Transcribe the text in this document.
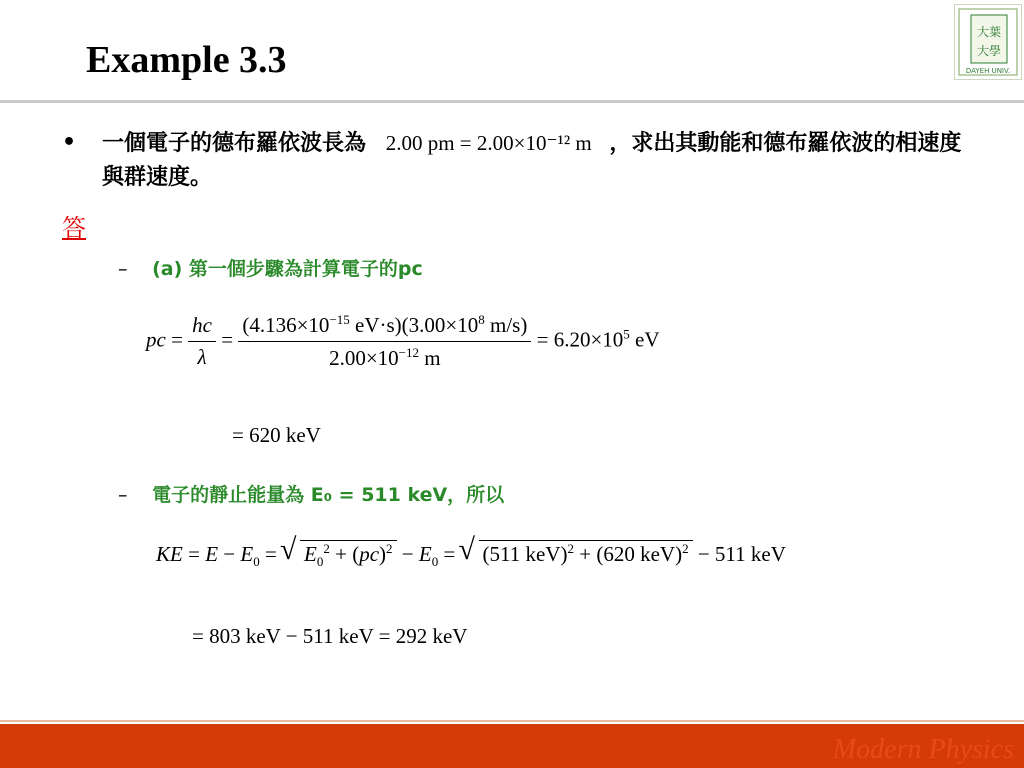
Example 3.3
大葉
大學
DAYEH UNIV.
• 一個電子的德布羅依波長為 2.00 pm = 2.00×10⁻¹² m ，求出其動能和德布羅依波的相速度與群速度。
答
– (a) 第一個步驟為計算電子的pc
pc = $\frac{hc}{\lambda} = \frac{(4.136\times 10^{-15} eV\cdot s)(3.00\times 10^8 m/s)}{2.00\times 10^{-12} m} = 6.20\times 10^5$ eV
= 620 keV
– 電子的靜止能量為 E₀ = 511 keV，所以
KE = $E - E_0$ = √ $E_0^2 + (pc)^2 - E_0$ = √ (511 keV)$^2$ + (620 keV)$^2$ − 511 keV
= 803 keV − 511 keV = 292 keV
Modern Physics
